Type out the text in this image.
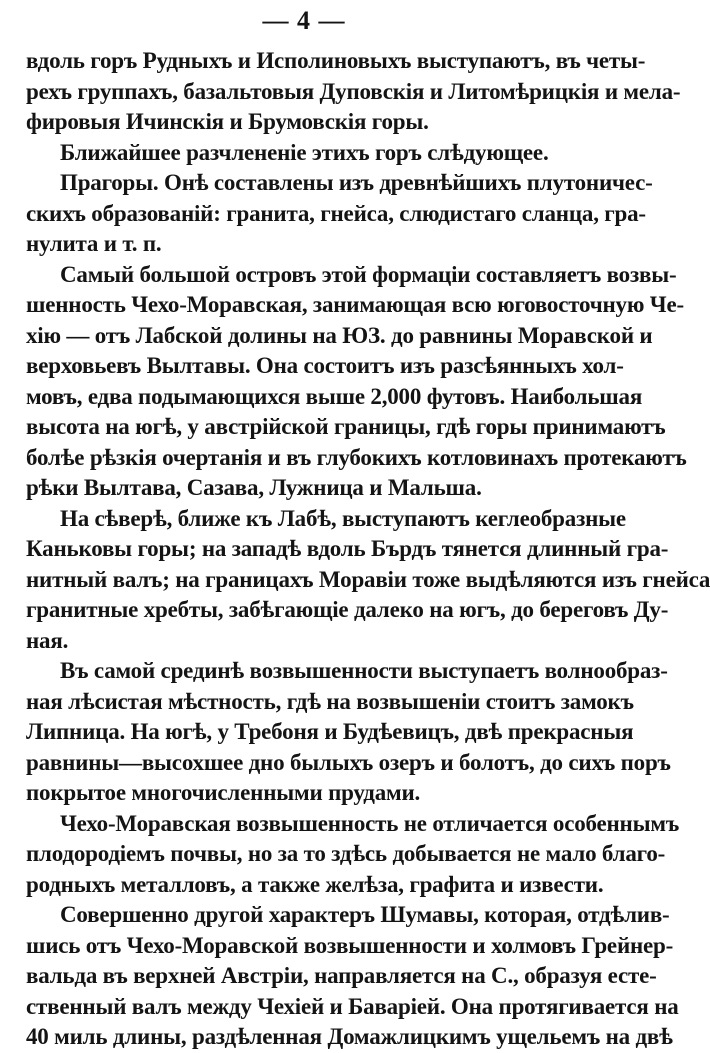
— 4 —
вдоль горъ Рудныхъ и Исполиновыхъ выступаютъ, въ четы-
рехъ группахъ, базальтовыя Дуповскія и Литомѣрицкія и мела-
фировыя Ичинскія и Брумовскія горы.
Ближайшее разчлененіе этихъ горъ слѣдующее.
Прагоры. Онѣ составлены изъ древнѣйшихъ плутоничес-
скихъ образованій: гранита, гнейса, слюдистаго сланца, гра-
нулита и т. п.
Самый большой островъ этой формаціи составляетъ возвы-
шенность Чехо-Моравская, занимающая всю юговосточную Че-
хію — отъ Лабской долины на ЮЗ. до равнины Моравской и
верховьевъ Вылтавы. Она состоитъ изъ разсѣянныхъ хол-
мовъ, едва подымающихся выше 2,000 футовъ. Наибольшая
высота на югѣ, у австрійской границы, гдѣ горы принимаютъ
болѣе рѣзкія очертанія и въ глубокихъ котловинахъ протекаютъ
рѣки Вылтава, Сазава, Лужница и Мальша.
На сѣверѣ, ближе къ Лабѣ, выступаютъ кеглеобразные
Каньковы горы; на западѣ вдоль Бърдъ тянется длинный гра-
нитный валъ; на границахъ Моравіи тоже выдѣляются изъ гнейса
гранитные хребты, забѣгающіе далеко на югъ, до береговъ Ду-
ная.
Въ самой срединѣ возвышенности выступаетъ волнообраз-
ная лѣсистая мѣстность, гдѣ на возвышеніи стоитъ замокъ
Липница. На югѣ, у Требоня и Будѣевицъ, двѣ прекрасныя
равнины—высохшее дно былыхъ озеръ и болотъ, до сихъ поръ
покрытое многочисленными прудами.
Чехо-Моравская возвышенность не отличается особеннымъ
плодородіемъ почвы, но за то здѣсь добывается не мало благо-
родныхъ металловъ, а также желѣза, графита и извести.
Совершенно другой характеръ Шумавы, которая, отдѣлив-
шись отъ Чехо-Моравской возвышенности и холмовъ Грейнер-
вальда въ верхней Австріи, направляется на С., образуя есте-
ственный валъ между Чехіей и Баваріей. Она протягивается на
40 миль длины, раздѣленная Домажлицкимъ ущельемъ на двѣ
